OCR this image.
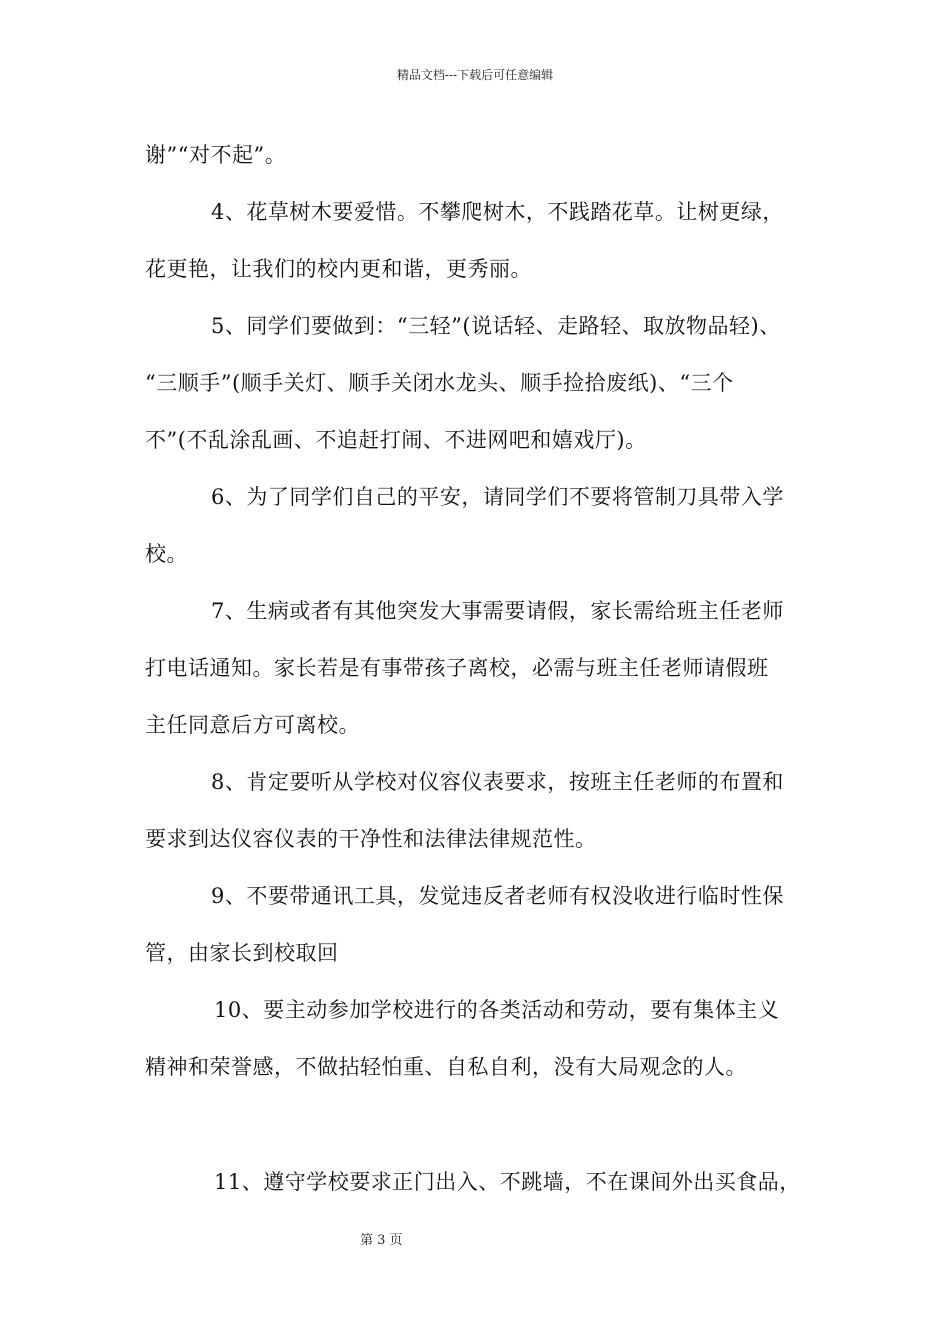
精品文档---下载后可任意编辑
谢”“对不起”。
4、花草树木要爱惜。不攀爬树木，不践踏花草。让树更绿，
花更艳，让我们的校内更和谐，更秀丽。
5、同学们要做到：“三轻”(说话轻、走路轻、取放物品轻)、
“三顺手”(顺手关灯、顺手关闭水龙头、顺手捡拾废纸)、“三个
不”(不乱涂乱画、不追赶打闹、不进网吧和嬉戏厅)。
6、为了同学们自己的平安，请同学们不要将管制刀具带入学
校。
7、生病或者有其他突发大事需要请假，家长需给班主任老师
打电话通知。家长若是有事带孩子离校，必需与班主任老师请假班
主任同意后方可离校。
8、肯定要听从学校对仪容仪表要求，按班主任老师的布置和
要求到达仪容仪表的干净性和法律法律规范性。
9、不要带通讯工具，发觉违反者老师有权没收进行临时性保
管，由家长到校取回
10、要主动参加学校进行的各类活动和劳动，要有集体主义
精神和荣誉感，不做拈轻怕重、自私自利，没有大局观念的人。
11、遵守学校要求正门出入、不跳墙，不在课间外出买食品，
第 3 页
